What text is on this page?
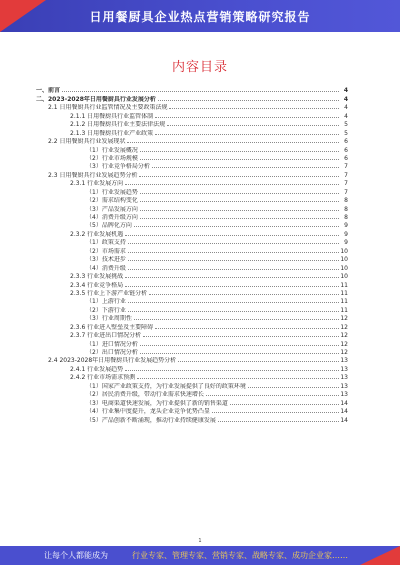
日用餐厨具企业热点营销策略研究报告
内容目录
一、前言	4
二、2023-2028年日用餐厨具行业发展分析	4
2.1 日用餐厨具行业监管情况及主要政策法规	4
2.1.1 日用餐厨具行业监管体制	4
2.1.2 日用餐厨具行业主要法律法规	5
2.1.3 日用餐厨具行业产业政策	5
2.2 日用餐厨具行业发展现状	6
（1）行业发展概况	6
（2）行业市场规模	6
（3）行业竞争格局分析	7
2.3 日用餐厨具行业发展趋势分析	7
2.3.1 行业发展方向	7
（1）行业发展趋势	7
（2）需求结构变化	8
（3）产品发展方向	8
（4）消费升级方向	8
（5）品牌化方向	9
2.3.2 行业发展机遇	9
（1）政策支持	9
（2）市场需求	10
（3）技术进步	10
（4）消费升级	10
2.3.3 行业发展挑战	10
2.3.4 行业竞争格局	11
2.3.5 行业上下游产业链分析	11
（1）上游行业	11
（2）下游行业	11
（3）行业周期性	12
2.3.6 行业进入壁垒及主要障碍	12
2.3.7 行业进出口情况分析	12
（1）进口情况分析	12
（2）出口情况分析	12
2.4 2023-2028年日用餐厨具行业发展趋势分析	13
2.4.1 行业发展趋势	13
2.4.2 行业市场需求预测	13
（1）国家产业政策支持，为行业发展提供了良好的政策环境	13
（2）居民消费升级，带动行业需求快速增长	13
（3）电商渠道快速发展，为行业提供了新的销售渠道	14
（4）行业集中度提升，龙头企业竞争优势凸显	14
（5）产品创新不断涌现，推动行业持续健康发展	14
1
让每个人都能成为	行业专家、管理专家、营销专家、战略专家、成功企业家……
